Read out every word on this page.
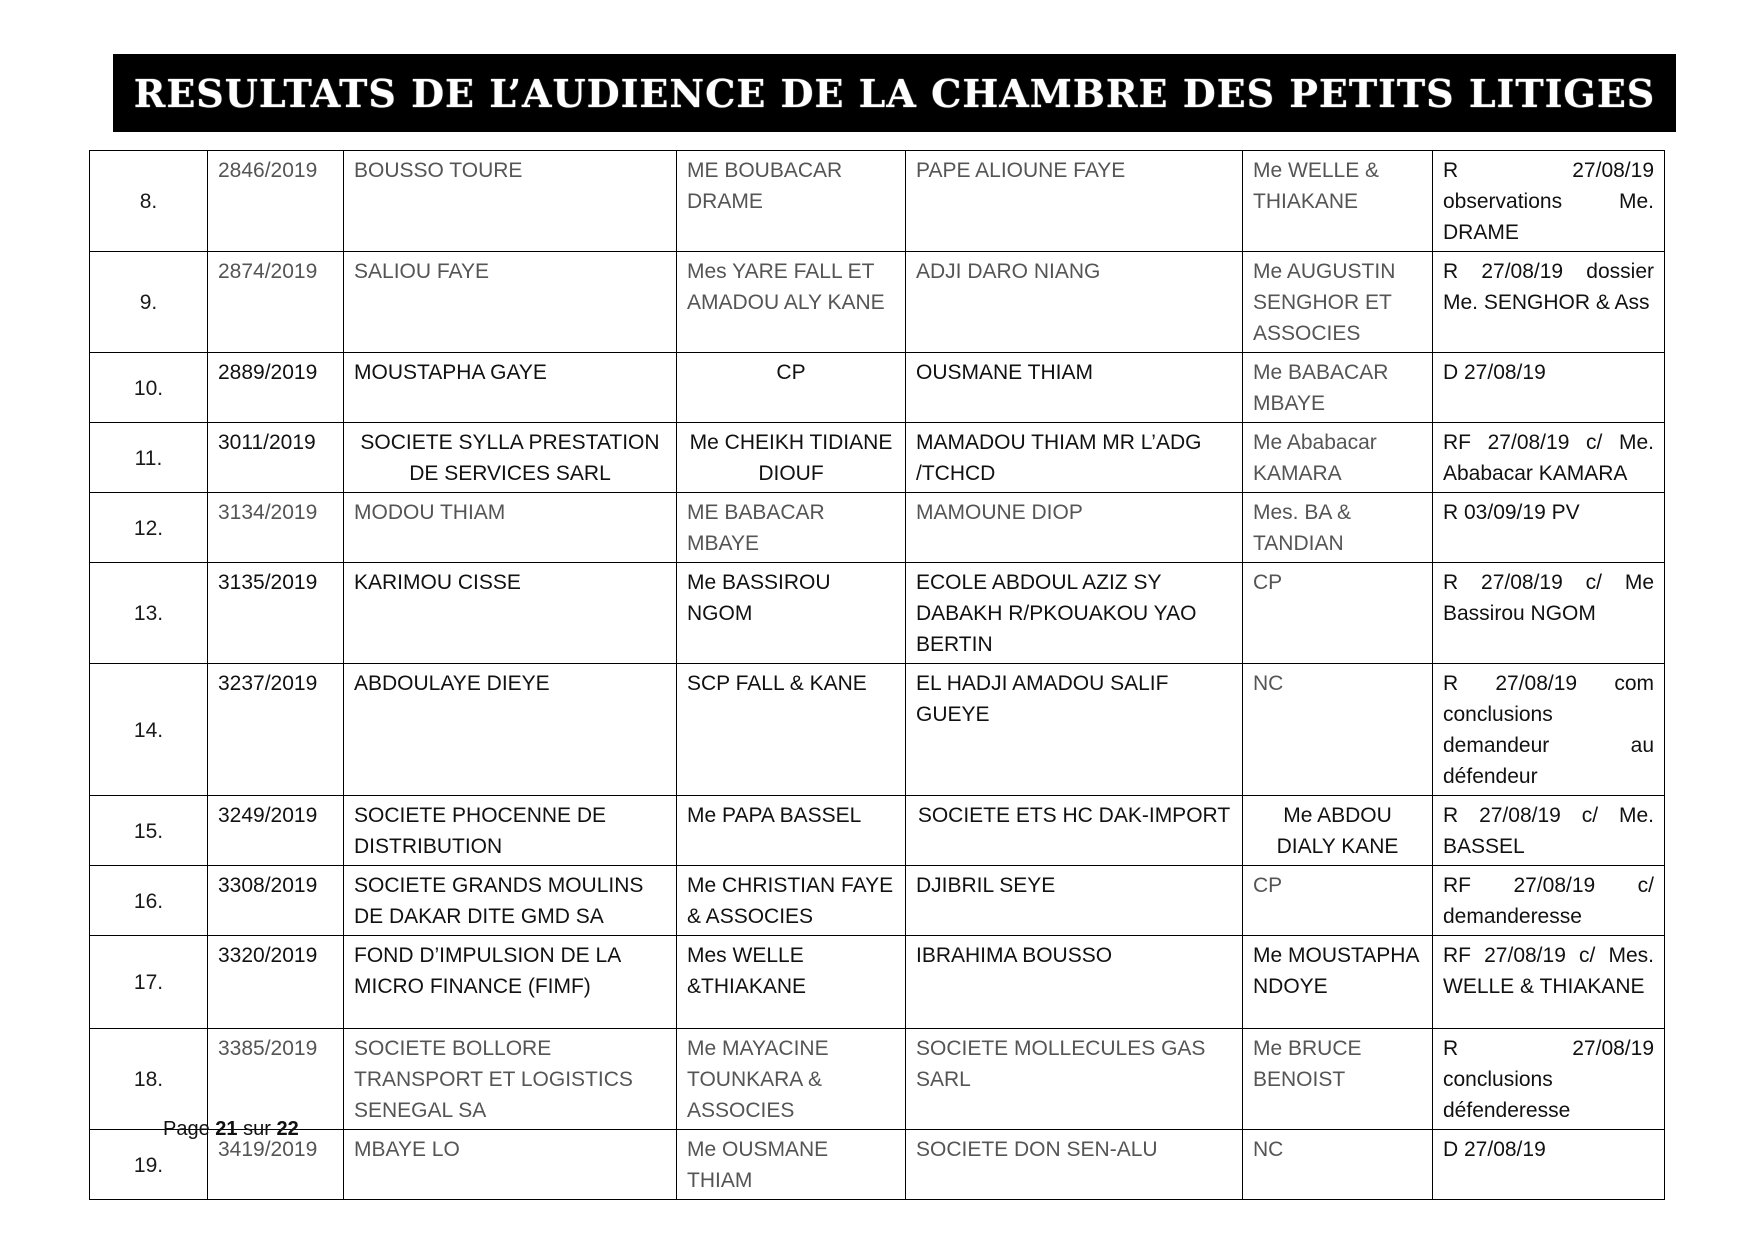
RESULTATS DE L’AUDIENCE DE LA CHAMBRE DES PETITS LITIGES
8.	2846/2019	BOUSSO TOURE	ME BOUBACAR DRAME	PAPE ALIOUNE FAYE	Me WELLE & THIAKANE	R 27/08/19 observations Me. DRAME
9.	2874/2019	SALIOU FAYE	Mes YARE FALL ET AMADOU ALY KANE	ADJI DARO NIANG	Me AUGUSTIN SENGHOR ET ASSOCIES	R 27/08/19 dossier Me. SENGHOR & Ass
10.	2889/2019	MOUSTAPHA GAYE	CP	OUSMANE THIAM	Me BABACAR MBAYE	D 27/08/19
11.	3011/2019	SOCIETE SYLLA PRESTATION DE SERVICES SARL	Me CHEIKH TIDIANE DIOUF	MAMADOU THIAM MR L’ADG /TCHCD	Me Ababacar KAMARA	RF 27/08/19 c/ Me. Ababacar KAMARA
12.	3134/2019	MODOU THIAM	ME BABACAR MBAYE	MAMOUNE DIOP	Mes. BA & TANDIAN	R 03/09/19 PV
13.	3135/2019	KARIMOU CISSE	Me BASSIROU NGOM	ECOLE ABDOUL AZIZ SY DABAKH R/PKOUAKOU YAO BERTIN	CP	R 27/08/19 c/ Me Bassirou NGOM
14.	3237/2019	ABDOULAYE DIEYE	SCP FALL & KANE	EL HADJI AMADOU SALIF GUEYE	NC	R 27/08/19 com conclusions demandeur au défendeur
15.	3249/2019	SOCIETE PHOCENNE DE DISTRIBUTION	Me PAPA BASSEL	SOCIETE ETS HC DAK-IMPORT	Me ABDOU DIALY KANE	R 27/08/19 c/ Me. BASSEL
16.	3308/2019	SOCIETE GRANDS MOULINS DE DAKAR DITE GMD SA	Me CHRISTIAN FAYE & ASSOCIES	DJIBRIL SEYE	CP	RF 27/08/19 c/ demanderesse
17.	3320/2019	FOND D’IMPULSION DE LA MICRO FINANCE (FIMF)	Mes WELLE &THIAKANE	IBRAHIMA BOUSSO	Me MOUSTAPHA NDOYE	RF 27/08/19 c/ Mes. WELLE & THIAKANE
18.	3385/2019	SOCIETE BOLLORE TRANSPORT ET LOGISTICS SENEGAL SA	Me MAYACINE TOUNKARA & ASSOCIES	SOCIETE MOLLECULES GAS SARL	Me BRUCE BENOIST	R 27/08/19 conclusions défenderesse
19.	3419/2019	MBAYE LO	Me OUSMANE THIAM	SOCIETE DON SEN-ALU	NC	D 27/08/19
Page 21 sur 22
